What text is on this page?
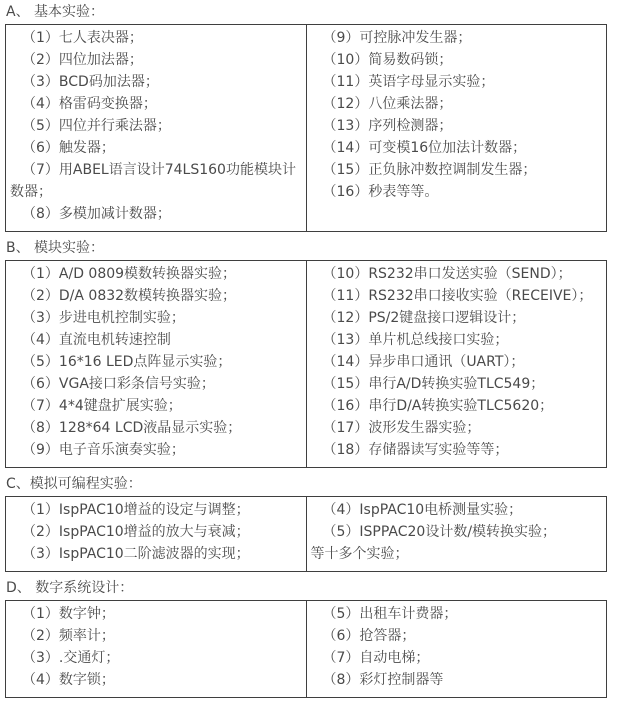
A、 基本实验：

（1）七人表决器；

（2）四位加法器；

（3）BCD码加法器；

（4）格雷码变换器；

（5）四位并行乘法器；

（6）触发器；

（7）用ABEL语言设计74LS160功能模块计数器；

（8）多模加减计数器；

（9）可控脉冲发生器；

（10）简易数码锁；

（11）英语字母显示实验；

（12）八位乘法器；

（13）序列检测器；

（14）可变模16位加法计数器；

（15）正负脉冲数控调制发生器；

（16）秒表等等。

B、 模块实验：

（1）A/D 0809模数转换器实验；

（2）D/A 0832数模转换器实验；

（3）步进电机控制实验；

（4）直流电机转速控制

（5）16*16 LED点阵显示实验；

（6）VGA接口彩条信号实验；

（7）4*4键盘扩展实验；

（8）128*64 LCD液晶显示实验；

（9）电子音乐演奏实验；

（10）RS232串口发送实验（SEND）；

（11）RS232串口接收实验（RECEIVE）；

（12）PS/2键盘接口逻辑设计；

（13）单片机总线接口实验；

（14）异步串口通讯（UART）；

（15）串行A/D转换实验TLC549；

（16）串行D/A转换实验TLC5620；

（17）波形发生器实验；

（18）存储器读写实验等等；

C、模拟可编程实验：

（1）IspPAC10增益的设定与调整；

（2）IspPAC10增益的放大与衰减；

（3）IspPAC10二阶滤波器的实现；

（4）IspPAC10电桥测量实验；

（5）ISPPAC20设计数/模转换实验；

等十多个实验；

D、 数字系统设计：

（1）数字钟；

（2）频率计；

（3）.交通灯；

（4）数字锁；

（5）出租车计费器；

（6）抢答器；

（7）自动电梯；

（8）彩灯控制器等
